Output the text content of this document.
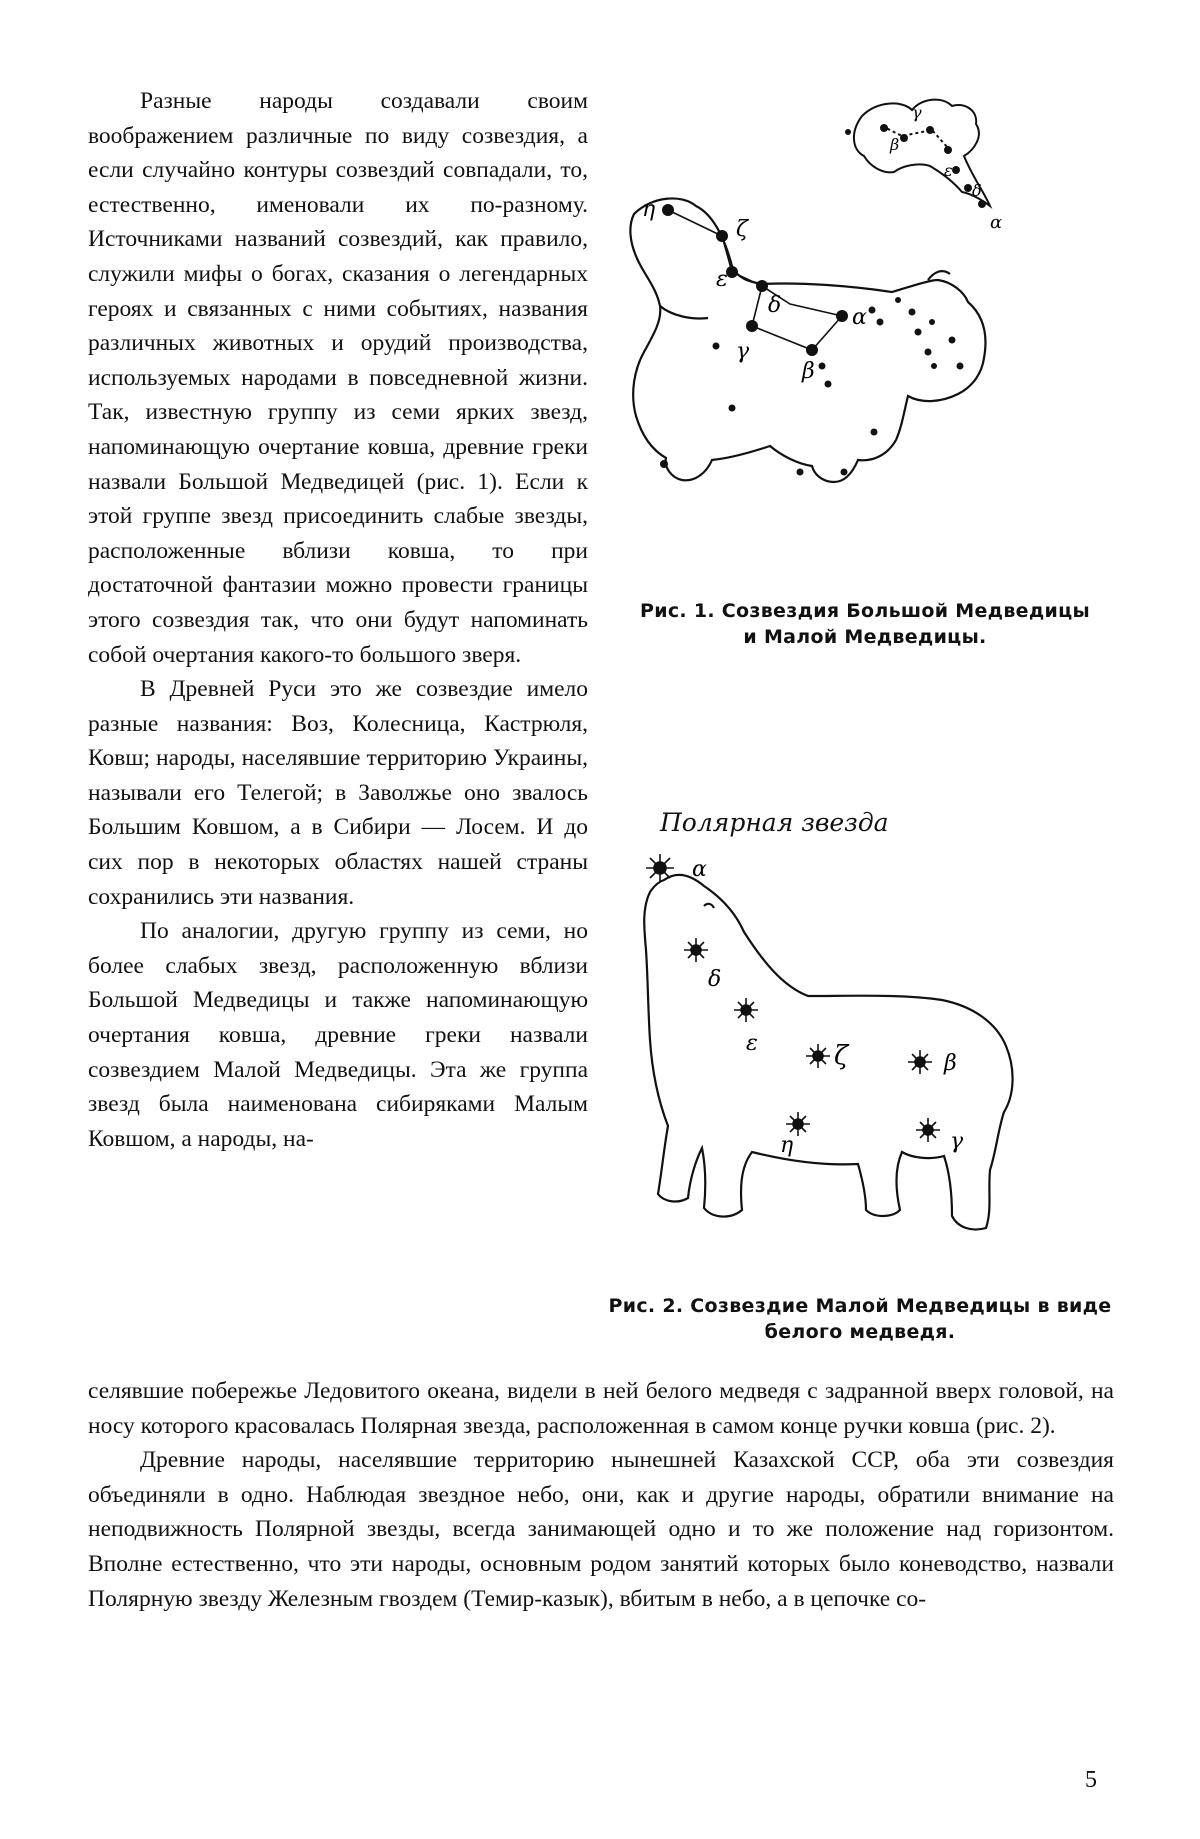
Разные народы создавали своим воображением различные по виду созвездия, а если случайно контуры созвездий совпадали, то, естественно, именовали их по-разному. Источниками названий созвездий, как правило, служили мифы о богах, сказания о легендарных героях и связанных с ними событиях, названия различных животных и орудий производства, используемых народами в повседневной жизни. Так, известную группу из семи ярких звезд, напоминающую очертание ковша, древние греки назвали Большой Медведицей (рис. 1). Если к этой группе звезд присоединить слабые звезды, расположенные вблизи ковша, то при достаточной фантазии можно провести границы этого созвездия так, что они будут напоминать собой очертания какого-то большого зверя.

В Древней Руси это же созвездие имело разные названия: Воз, Колесница, Кастрюля, Ковш; народы, населявшие территорию Украины, называли его Телегой; в Заволжье оно звалось Большим Ковшом, а в Сибири — Лосем. И до сих пор в некоторых областях нашей страны сохранились эти названия.

По аналогии, другую группу из семи, но более слабых звезд, расположенную вблизи Большой Медведицы и также напоминающую очертания ковша, древние греки назвали созвездием Малой Медведицы. Эта же группа звезд была наименована сибиряками Малым Ковшом, а народы, на-

β
γ
ε
δ
α
η
ζ
ε
δ	α
γ
β
Рис. 1. Созвездия Большой Медведицы
и Малой Медведицы.
Полярная звезда
α
δ
ε	ζ	β
η	γ
Рис. 2. Созвездие Малой Медведицы в виде
белого медведя.

селявшие побережье Ледовитого океана, видели в ней белого медведя с задранной вверх головой, на носу которого красовалась Полярная звезда, расположенная в самом конце ручки ковша (рис. 2).

Древние народы, населявшие территорию нынешней Казахской ССР, оба эти созвездия объединяли в одно. Наблюдая звездное небо, они, как и другие народы, обратили внимание на неподвижность Полярной звезды, всегда занимающей одно и то же положение над горизонтом. Вполне естественно, что эти народы, основным родом занятий которых было коневодство, назвали Полярную звезду Железным гвоздем (Темир-казык), вбитым в небо, а в цепочке со-

5
